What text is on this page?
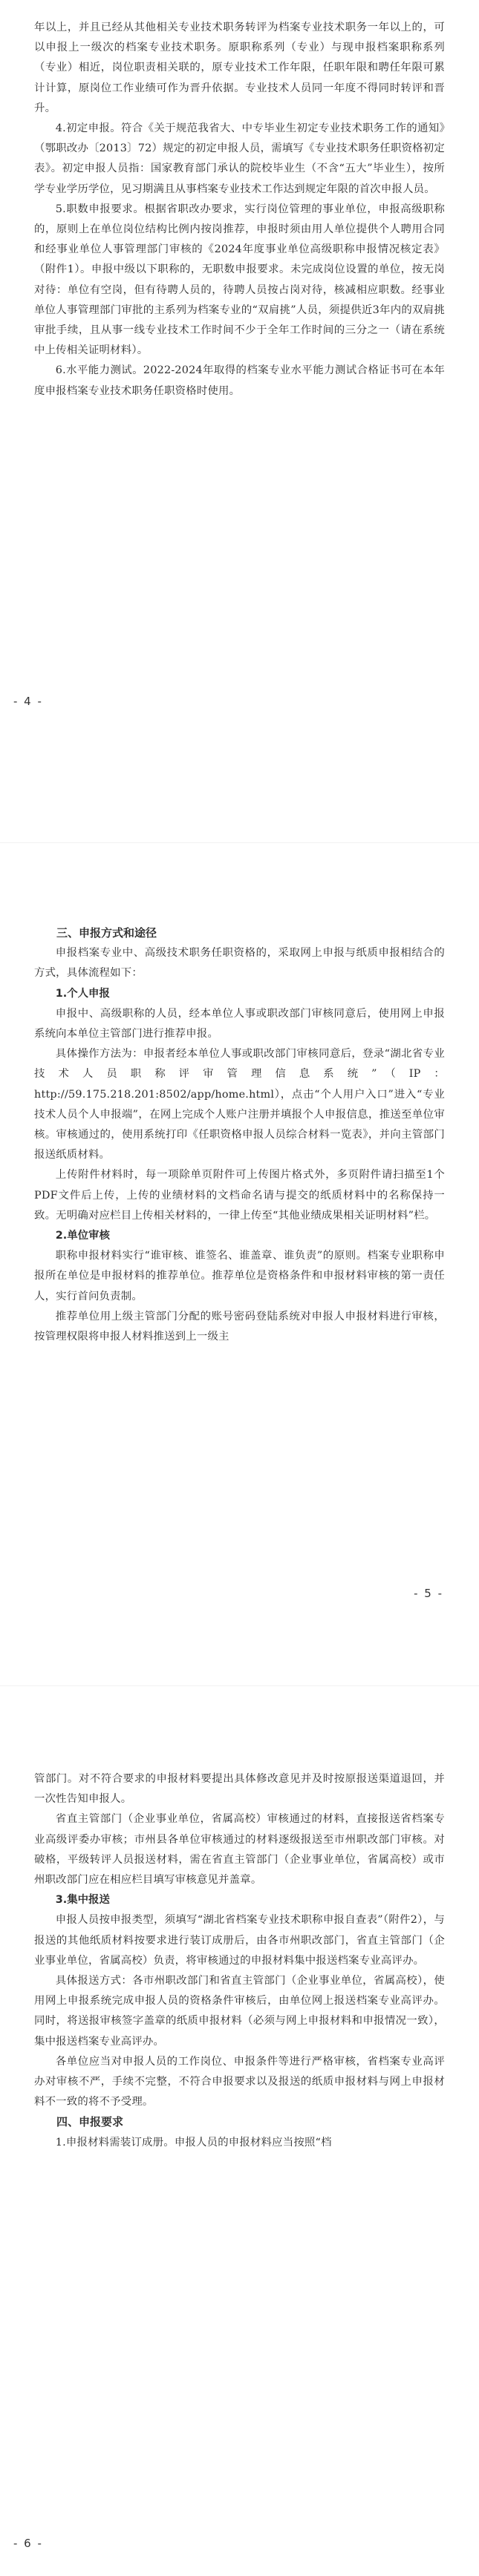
年以上，并且已经从其他相关专业技术职务转评为档案专业技术职务一年以上的，可以申报上一级次的档案专业技术职务。原职称系列（专业）与现申报档案职称系列（专业）相近，岗位职责相关联的，原专业技术工作年限，任职年限和聘任年限可累计计算，原岗位工作业绩可作为晋升依据。专业技术人员同一年度不得同时转评和晋升。

4.初定申报。符合《关于规范我省大、中专毕业生初定专业技术职务工作的通知》（鄂职改办〔2013〕72）规定的初定申报人员，需填写《专业技术职务任职资格初定表》。初定申报人员指：国家教育部门承认的院校毕业生（不含“五大”毕业生），按所学专业学历学位，见习期满且从事档案专业技术工作达到规定年限的首次申报人员。

5.职数申报要求。根据省职改办要求，实行岗位管理的事业单位，申报高级职称的，原则上在单位岗位结构比例内按岗推荐，申报时须由用人单位提供个人聘用合同和经事业单位人事管理部门审核的《2024年度事业单位高级职称申报情况核定表》（附件1）。申报中级以下职称的，无职数申报要求。未完成岗位设置的单位，按无岗对待：单位有空岗，但有待聘人员的，待聘人员按占岗对待，核减相应职数。经事业单位人事管理部门审批的主系列为档案专业的“双肩挑”人员，须提供近3年内的双肩挑审批手续，且从事一线专业技术工作时间不少于全年工作时间的三分之一（请在系统中上传相关证明材料）。

6.水平能力测试。2022-2024年取得的档案专业水平能力测试合格证书可在本年度申报档案专业技术职务任职资格时使用。

- 4 -

三、申报方式和途径

申报档案专业中、高级技术职务任职资格的，采取网上申报与纸质申报相结合的方式，具体流程如下：

1.个人申报

申报中、高级职称的人员，经本单位人事或职改部门审核同意后，使用网上申报系统向本单位主管部门进行推荐申报。

具体操作方法为：申报者经本单位人事或职改部门审核同意后，登录“湖北省专业技术人员职称评审管理信息系统”（IP：http://59.175.218.201:8502/app/home.html），点击“个人用户入口”进入“专业技术人员个人申报端”，在网上完成个人账户注册并填报个人申报信息，推送至单位审核。审核通过的，使用系统打印《任职资格申报人员综合材料一览表》，并向主管部门报送纸质材料。

上传附件材料时，每一项除单页附件可上传图片格式外，多页附件请扫描至1个PDF文件后上传，上传的业绩材料的文档命名请与提交的纸质材料中的名称保持一致。无明确对应栏目上传相关材料的，一律上传至“其他业绩成果相关证明材料”栏。

2.单位审核

职称申报材料实行“谁审核、谁签名、谁盖章、谁负责”的原则。档案专业职称申报所在单位是申报材料的推荐单位。推荐单位是资格条件和申报材料审核的第一责任人，实行首问负责制。

推荐单位用上级主管部门分配的账号密码登陆系统对申报人申报材料进行审核，按管理权限将申报人材料推送到上一级主

- 5 -

管部门。对不符合要求的申报材料要提出具体修改意见并及时按原报送渠道退回，并一次性告知申报人。

省直主管部门（企业事业单位，省属高校）审核通过的材料，直接报送省档案专业高级评委办审核；市州县各单位审核通过的材料逐级报送至市州职改部门审核。对破格，平级转评人员报送材料，需在省直主管部门（企业事业单位，省属高校）或市州职改部门应在相应栏目填写审核意见并盖章。

3.集中报送

申报人员按申报类型，须填写“湖北省档案专业技术职称申报自查表”（附件2），与报送的其他纸质材料按要求进行装订成册后，由各市州职改部门，省直主管部门（企业事业单位，省属高校）负责，将审核通过的申报材料集中报送档案专业高评办。

具体报送方式：各市州职改部门和省直主管部门（企业事业单位，省属高校），使用网上申报系统完成申报人员的资格条件审核后，由单位网上报送档案专业高评办。同时，将送报审核签字盖章的纸质申报材料（必须与网上申报材料和申报情况一致），集中报送档案专业高评办。

各单位应当对申报人员的工作岗位、申报条件等进行严格审核，省档案专业高评办对审核不严，手续不完整，不符合申报要求以及报送的纸质申报材料与网上申报材料不一致的将不予受理。

四、申报要求

1.申报材料需装订成册。申报人员的申报材料应当按照“档

- 6 -
